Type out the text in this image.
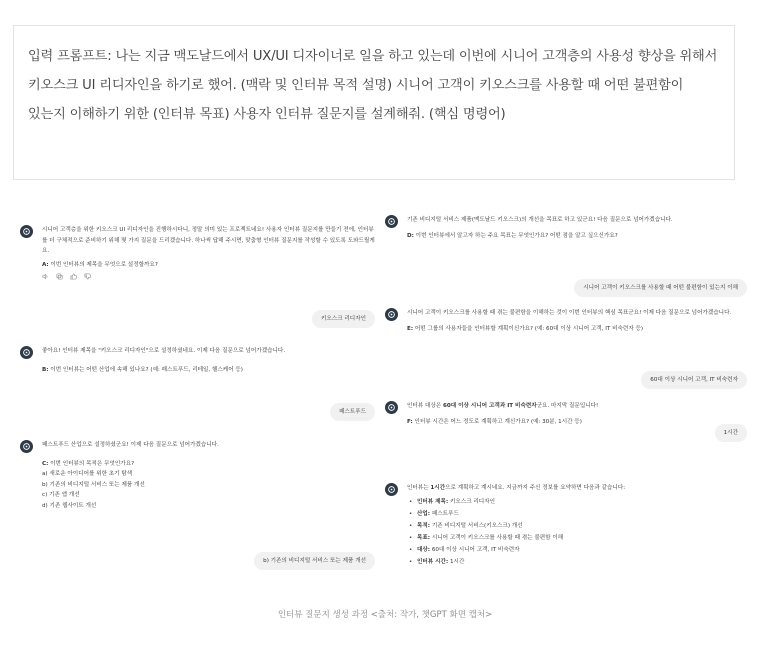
입력 프롬프트: 나는 지금 맥도날드에서 UX/UI 디자이너로 일을 하고 있는데 이번에 시니어 고객층의 사용성 향상을 위해서 키오스크 UI 리디자인을 하기로 했어. (맥락 및 인터뷰 목적 설명) 시니어 고객이 키오스크를 사용할 때 어떤 불편함이 있는지 이해하기 위한 (인터뷰 목표) 사용자 인터뷰 질문지를 설계해줘. (핵심 명령어)

시니어 고객층을 위한 키오스크 UI 리디자인을 진행하시다니, 정말 의미 있는 프로젝트네요! 사용자 인터뷰 질문지를 만들기 전에, 인터뷰를 더 구체적으로 준비하기 위해 몇 가지 질문을 드리겠습니다. 하나씩 답해 주시면, 맞춤형 인터뷰 질문지를 작성할 수 있도록 도와드릴게요.

A: 이번 인터뷰의 제목을 무엇으로 설정할까요?

키오스크 리디자인

좋아요! 인터뷰 제목을 "키오스크 리디자인"으로 설정하셨네요. 이제 다음 질문으로 넘어가겠습니다.

B: 이번 인터뷰는 어떤 산업에 속해 있나요? (예: 패스트푸드, 리테일, 헬스케어 등)

패스트푸드

패스트푸드 산업으로 설정하셨군요! 이제 다음 질문으로 넘어가겠습니다.

C: 이번 인터뷰의 목적은 무엇인가요?

a) 새로운 아이디어를 위한 초기 탐색
b) 기존의 비디지털 서비스 또는 제품 개선
c) 기존 앱 개선
d) 기존 웹사이트 개선
b) 기존의 비디지털 서비스 또는 제품 개선

기존 비디지털 서비스 제품(맥도날드 키오스크)의 개선을 목표로 하고 있군요! 다음 질문으로 넘어가겠습니다.

D: 이번 인터뷰에서 알고자 하는 주요 목표는 무엇인가요? 어떤 점을 알고 싶으신가요?

시니어 고객이 키오스크를 사용할 때 어떤 불편함이 있는지 이해

시니어 고객이 키오스크를 사용할 때 겪는 불편함을 이해하는 것이 이번 인터뷰의 핵심 목표군요! 이제 다음 질문으로 넘어가겠습니다.

E: 어떤 그룹의 사용자들을 인터뷰할 계획이신가요? (예: 60대 이상 시니어 고객, IT 비숙련자 등)

60대 이상 시니어 고객, IT 비숙련자

인터뷰 대상은 60대 이상 시니어 고객과 IT 비숙련자군요. 마지막 질문입니다!

F: 인터뷰 시간은 어느 정도로 계획하고 계신가요? (예: 30분, 1시간 등)

1시간

인터뷰는 1시간으로 계획하고 계시네요. 지금까지 주신 정보를 요약하면 다음과 같습니다:

• 인터뷰 제목: 키오스크 리디자인
• 산업: 패스트푸드
• 목적: 기존 비디지털 서비스(키오스크) 개선
• 목표: 시니어 고객이 키오스크를 사용할 때 겪는 불편함 이해
• 대상: 60대 이상 시니어 고객, IT 비숙련자
• 인터뷰 시간: 1시간
인터뷰 질문지 생성 과정 <출처: 작가, 챗GPT 화면 캡처>
